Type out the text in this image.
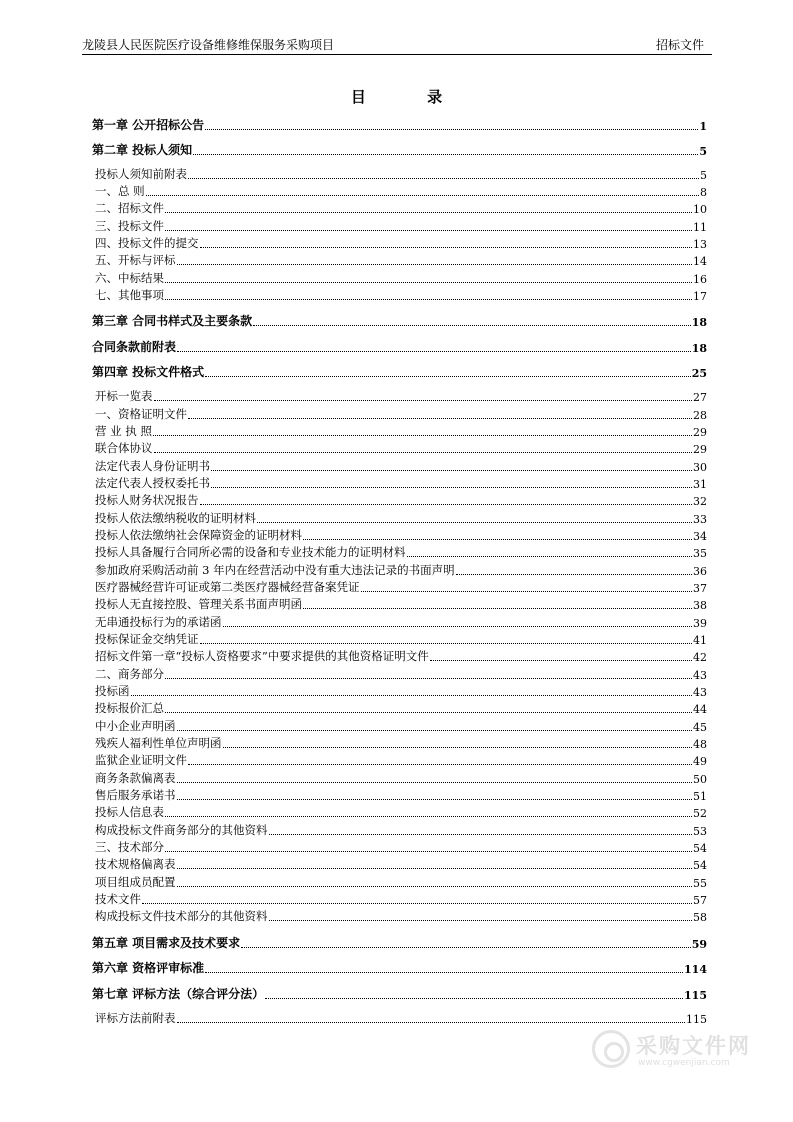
龙陵县人民医院医疗设备维修维保服务采购项目	招标文件
目 录
第一章 公开招标公告	1
第二章 投标人须知	5
投标人须知前附表	5
一、总 则	8
二、招标文件	10
三、投标文件	11
四、投标文件的提交	13
五、开标与评标	14
六、中标结果	16
七、其他事项	17
第三章 合同书样式及主要条款	18
合同条款前附表	18
第四章 投标文件格式	25
开标一览表	27
一、资格证明文件	28
营 业 执 照	29
联合体协议	29
法定代表人身份证明书	30
法定代表人授权委托书	31
投标人财务状况报告	32
投标人依法缴纳税收的证明材料	33
投标人依法缴纳社会保障资金的证明材料	34
投标人具备履行合同所必需的设备和专业技术能力的证明材料	35
参加政府采购活动前 3 年内在经营活动中没有重大违法记录的书面声明	36
医疗器械经营许可证或第二类医疗器械经营备案凭证	37
投标人无直接控股、管理关系书面声明函	38
无串通投标行为的承诺函	39
投标保证金交纳凭证	41
招标文件第一章“投标人资格要求”中要求提供的其他资格证明文件	42
二、商务部分	43
投标函	43
投标报价汇总	44
中小企业声明函	45
残疾人福利性单位声明函	48
监狱企业证明文件	49
商务条款偏离表	50
售后服务承诺书	51
投标人信息表	52
构成投标文件商务部分的其他资料	53
三、技术部分	54
技术规格偏离表	54
项目组成员配置	55
技术文件	57
构成投标文件技术部分的其他资料	58
第五章 项目需求及技术要求	59
第六章 资格评审标准	114
第七章 评标方法（综合评分法）	115
评标方法前附表	115
采购文件网
www.cgwenjian.com
